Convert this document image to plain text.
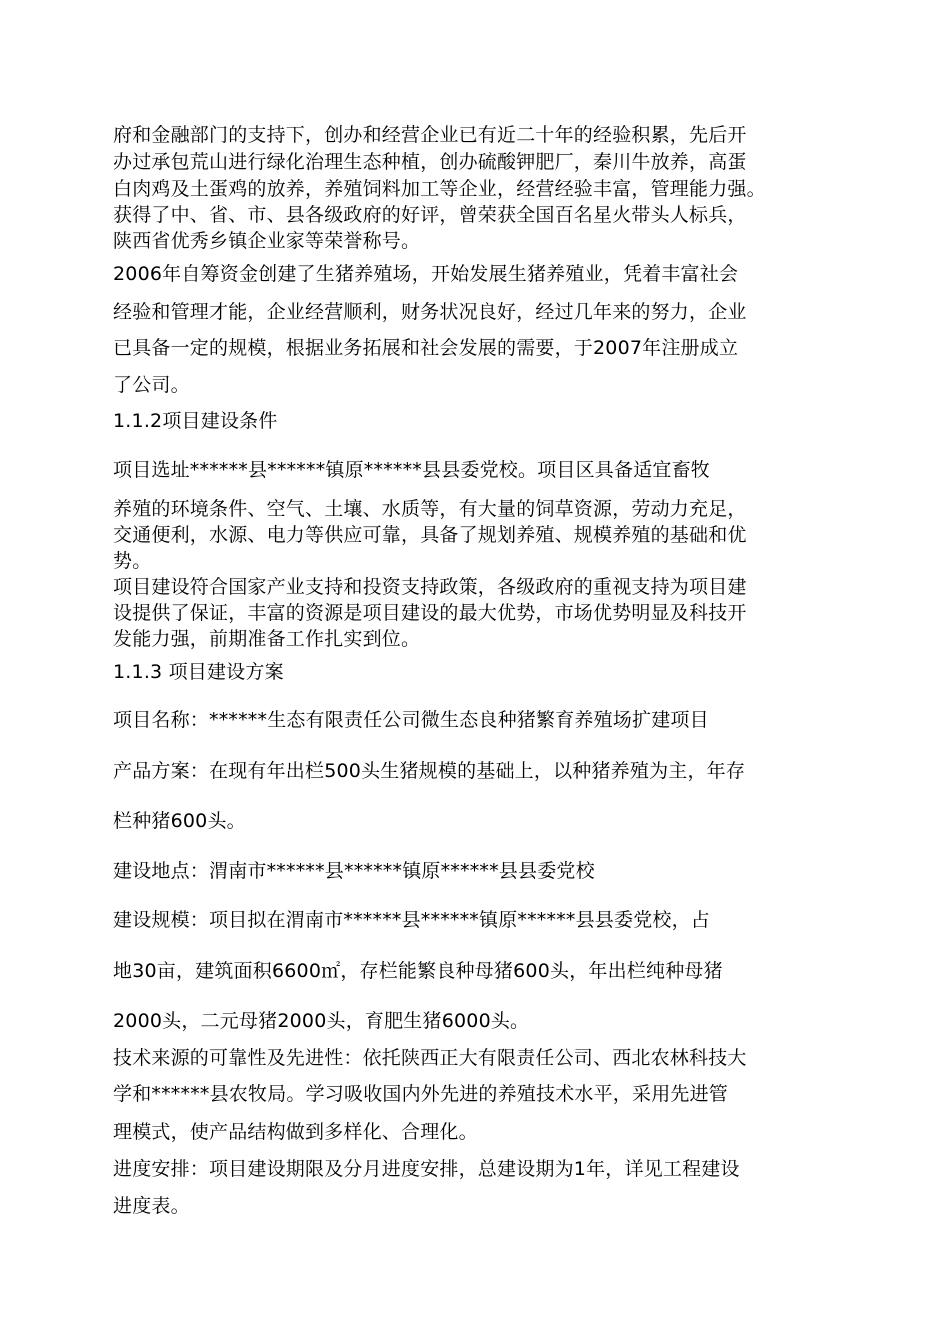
府和金融部门的支持下，创办和经营企业已有近二十年的经验积累，先后开
办过承包荒山进行绿化治理生态种植，创办硫酸钾肥厂，秦川牛放养，高蛋
白肉鸡及土蛋鸡的放养，养殖饲料加工等企业，经营经验丰富，管理能力强。
获得了中、省、市、县各级政府的好评，曾荣获全国百名星火带头人标兵，
陕西省优秀乡镇企业家等荣誉称号。
2006年自筹资金创建了生猪养殖场，开始发展生猪养殖业，凭着丰富社会
经验和管理才能，企业经营顺利，财务状况良好，经过几年来的努力，企业
已具备一定的规模，根据业务拓展和社会发展的需要，于2007年注册成立
了公司。
1.1.2项目建设条件
项目选址******县******镇原******县县委党校。项目区具备适宜畜牧
养殖的环境条件、空气、土壤、水质等，有大量的饲草资源，劳动力充足，
交通便利，水源、电力等供应可靠，具备了规划养殖、规模养殖的基础和优
势。
项目建设符合国家产业支持和投资支持政策，各级政府的重视支持为项目建
设提供了保证，丰富的资源是项目建设的最大优势，市场优势明显及科技开
发能力强，前期准备工作扎实到位。
1.1.3 项目建设方案
项目名称：******生态有限责任公司微生态良种猪繁育养殖场扩建项目
产品方案：在现有年出栏500头生猪规模的基础上，以种猪养殖为主，年存
栏种猪600头。
建设地点：渭南市******县******镇原******县县委党校
建设规模：项目拟在渭南市******县******镇原******县县委党校，占
地30亩，建筑面积6600㎡，存栏能繁良种母猪600头，年出栏纯种母猪
2000头，二元母猪2000头，育肥生猪6000头。
技术来源的可靠性及先进性：依托陕西正大有限责任公司、西北农林科技大
学和******县农牧局。学习吸收国内外先进的养殖技术水平，采用先进管
理模式，使产品结构做到多样化、合理化。
进度安排：项目建设期限及分月进度安排，总建设期为1年，详见工程建设
进度表。
